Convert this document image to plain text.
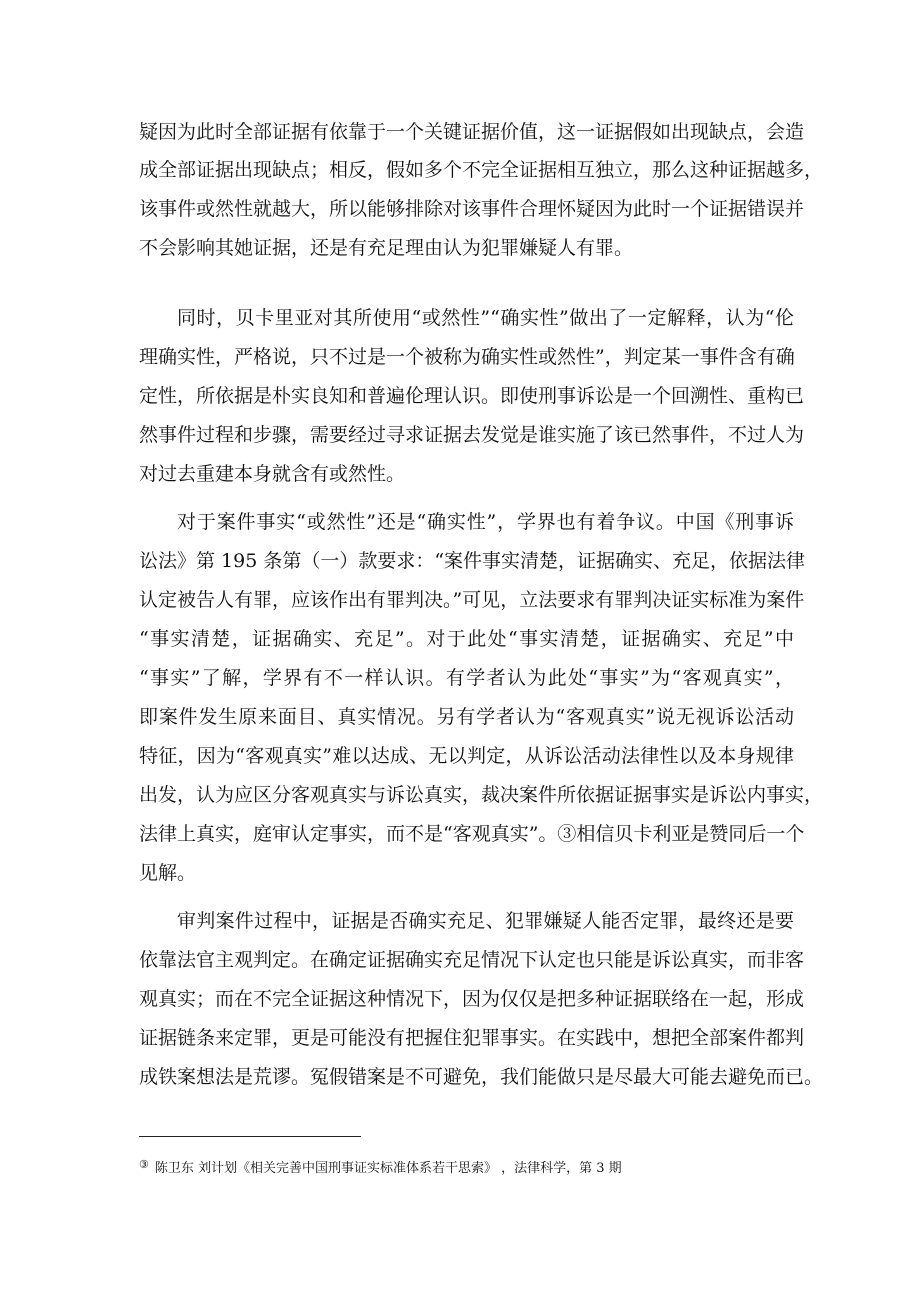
疑因为此时全部证据有依靠于一个关键证据价值，这一证据假如出现缺点，会造
成全部证据出现缺点；相反，假如多个不完全证据相互独立，那么这种证据越多，
该事件或然性就越大，所以能够排除对该事件合理怀疑因为此时一个证据错误并
不会影响其她证据，还是有充足理由认为犯罪嫌疑人有罪。
同时，贝卡里亚对其所使用“或然性”“确实性”做出了一定解释，认为“伦
理确实性，严格说，只不过是一个被称为确实性或然性”，判定某一事件含有确
定性，所依据是朴实良知和普遍伦理认识。即使刑事诉讼是一个回溯性、重构已
然事件过程和步骤，需要经过寻求证据去发觉是谁实施了该已然事件，不过人为
对过去重建本身就含有或然性。
对于案件事实“或然性”还是“确实性”，学界也有着争议。中国《刑事诉
讼法》第 195 条第（一）款要求：“案件事实清楚，证据确实、充足，依据法律
认定被告人有罪，应该作出有罪判决。”可见，立法要求有罪判决证实标准为案件
“事实清楚，证据确实、充足”。对于此处“事实清楚，证据确实、充足”中
“事实”了解，学界有不一样认识。有学者认为此处“事实”为“客观真实”，
即案件发生原来面目、真实情况。另有学者认为“客观真实”说无视诉讼活动
特征，因为“客观真实”难以达成、无以判定，从诉讼活动法律性以及本身规律
出发，认为应区分客观真实与诉讼真实，裁决案件所依据证据事实是诉讼内事实，
法律上真实，庭审认定事实，而不是“客观真实”。③相信贝卡利亚是赞同后一个
见解。
审判案件过程中，证据是否确实充足、犯罪嫌疑人能否定罪，最终还是要
依靠法官主观判定。在确定证据确实充足情况下认定也只能是诉讼真实，而非客
观真实；而在不完全证据这种情况下，因为仅仅是把多种证据联络在一起，形成
证据链条来定罪，更是可能没有把握住犯罪事实。在实践中，想把全部案件都判
成铁案想法是荒谬。冤假错案是不可避免，我们能做只是尽最大可能去避免而已。
③ 陈卫东 刘计划《相关完善中国刑事证实标准体系若干思索》 ，法律科学，第 3 期
